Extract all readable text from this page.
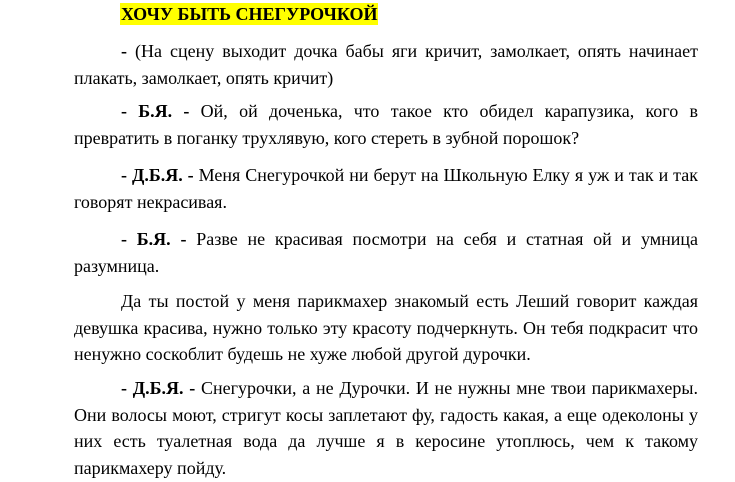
ХОЧУ БЫТЬ СНЕГУРОЧКОЙ

- (На сцену выходит дочка бабы яги кричит, замолкает, опять начинает плакать, замолкает, опять кричит)

- Б.Я. - Ой, ой доченька, что такое кто обидел карапузика, кого в превратить в поганку трухлявую, кого стереть в зубной порошок?

- Д.Б.Я. - Меня Снегурочкой ни берут на Школьную Елку я уж и так и так говорят некрасивая.

- Б.Я. - Разве не красивая посмотри на себя и статная ой и умница разумница.

Да ты постой у меня парикмахер знакомый есть Леший говорит каждая девушка красива, нужно только эту красоту подчеркнуть. Он тебя подкрасит что ненужно соскоблит будешь не хуже любой другой дурочки.

- Д.Б.Я. - Снегурочки, а не Дурочки. И не нужны мне твои парикмахеры. Они волосы моют, стригут косы заплетают фу, гадость какая, а еще одеколоны у них есть туалетная вода да лучше я в керосине утоплюсь, чем к такому парикмахеру пойду.
